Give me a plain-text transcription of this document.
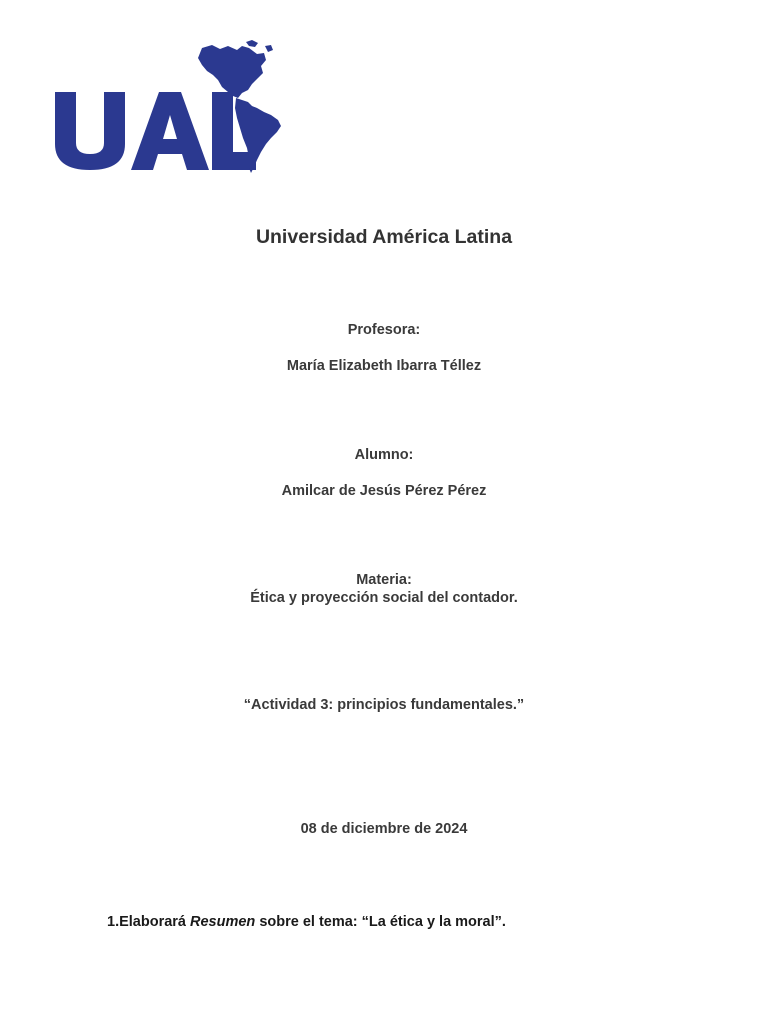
Universidad América Latina
Profesora:
María Elizabeth Ibarra Téllez
Alumno:
Amilcar de Jesús Pérez Pérez
Materia:
Ética y proyección social del contador.
“Actividad 3: principios fundamentales.”
08 de diciembre de 2024
1.Elaborará Resumen sobre el tema: “La ética y la moral”.
